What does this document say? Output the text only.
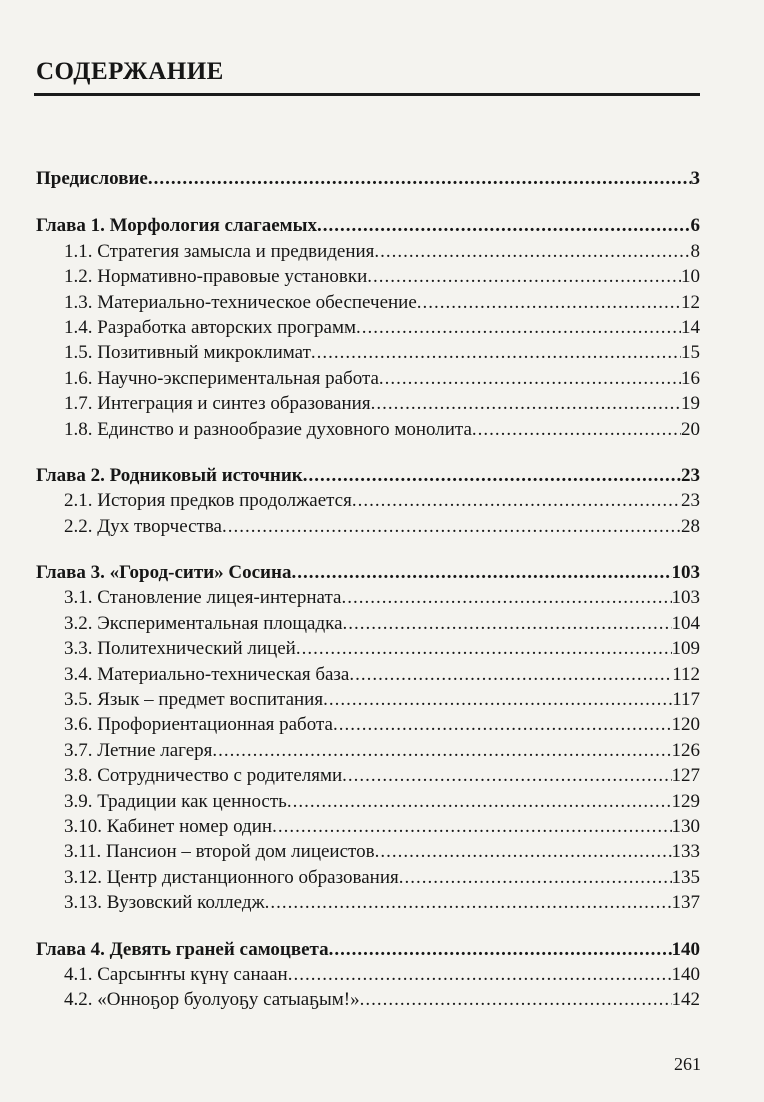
СОДЕРЖАНИЕ
Предисловие .....	3
Глава 1. Морфология слагаемых .....	6
1.1. Стратегия замысла и предвидения .....	8
1.2. Нормативно-правовые установки .....	10
1.3. Материально-техническое обеспечение .....	12
1.4. Разработка авторских программ .....	14
1.5. Позитивный микроклимат .....	15
1.6. Научно-экспериментальная работа .....	16
1.7. Интеграция и синтез образования .....	19
1.8. Единство и разнообразие духовного монолита .....	20
Глава 2. Родниковый источник .....	23
2.1. История предков продолжается .....	23
2.2. Дух творчества .....	28
Глава 3. «Город-сити» Сосина .....	103
3.1. Становление лицея-интерната .....	103
3.2. Экспериментальная площадка .....	104
3.3. Политехнический лицей .....	109
3.4. Материально-техническая база .....	112
3.5. Язык – предмет воспитания .....	117
3.6. Профориентационная работа .....	120
3.7. Летние лагеря .....	126
3.8. Сотрудничество с родителями .....	127
3.9. Традиции как ценность .....	129
3.10. Кабинет номер один .....	130
3.11. Пансион – второй дом лицеистов .....	133
3.12. Центр дистанционного образования .....	135
3.13. Вузовский колледж .....	137
Глава 4. Девять граней самоцвета .....	140
4.1. Сарсыҥҥы күнү санаан .....	140
4.2. «Онноҕор буолуоҕу сатыаҕым!» .....	142
261
